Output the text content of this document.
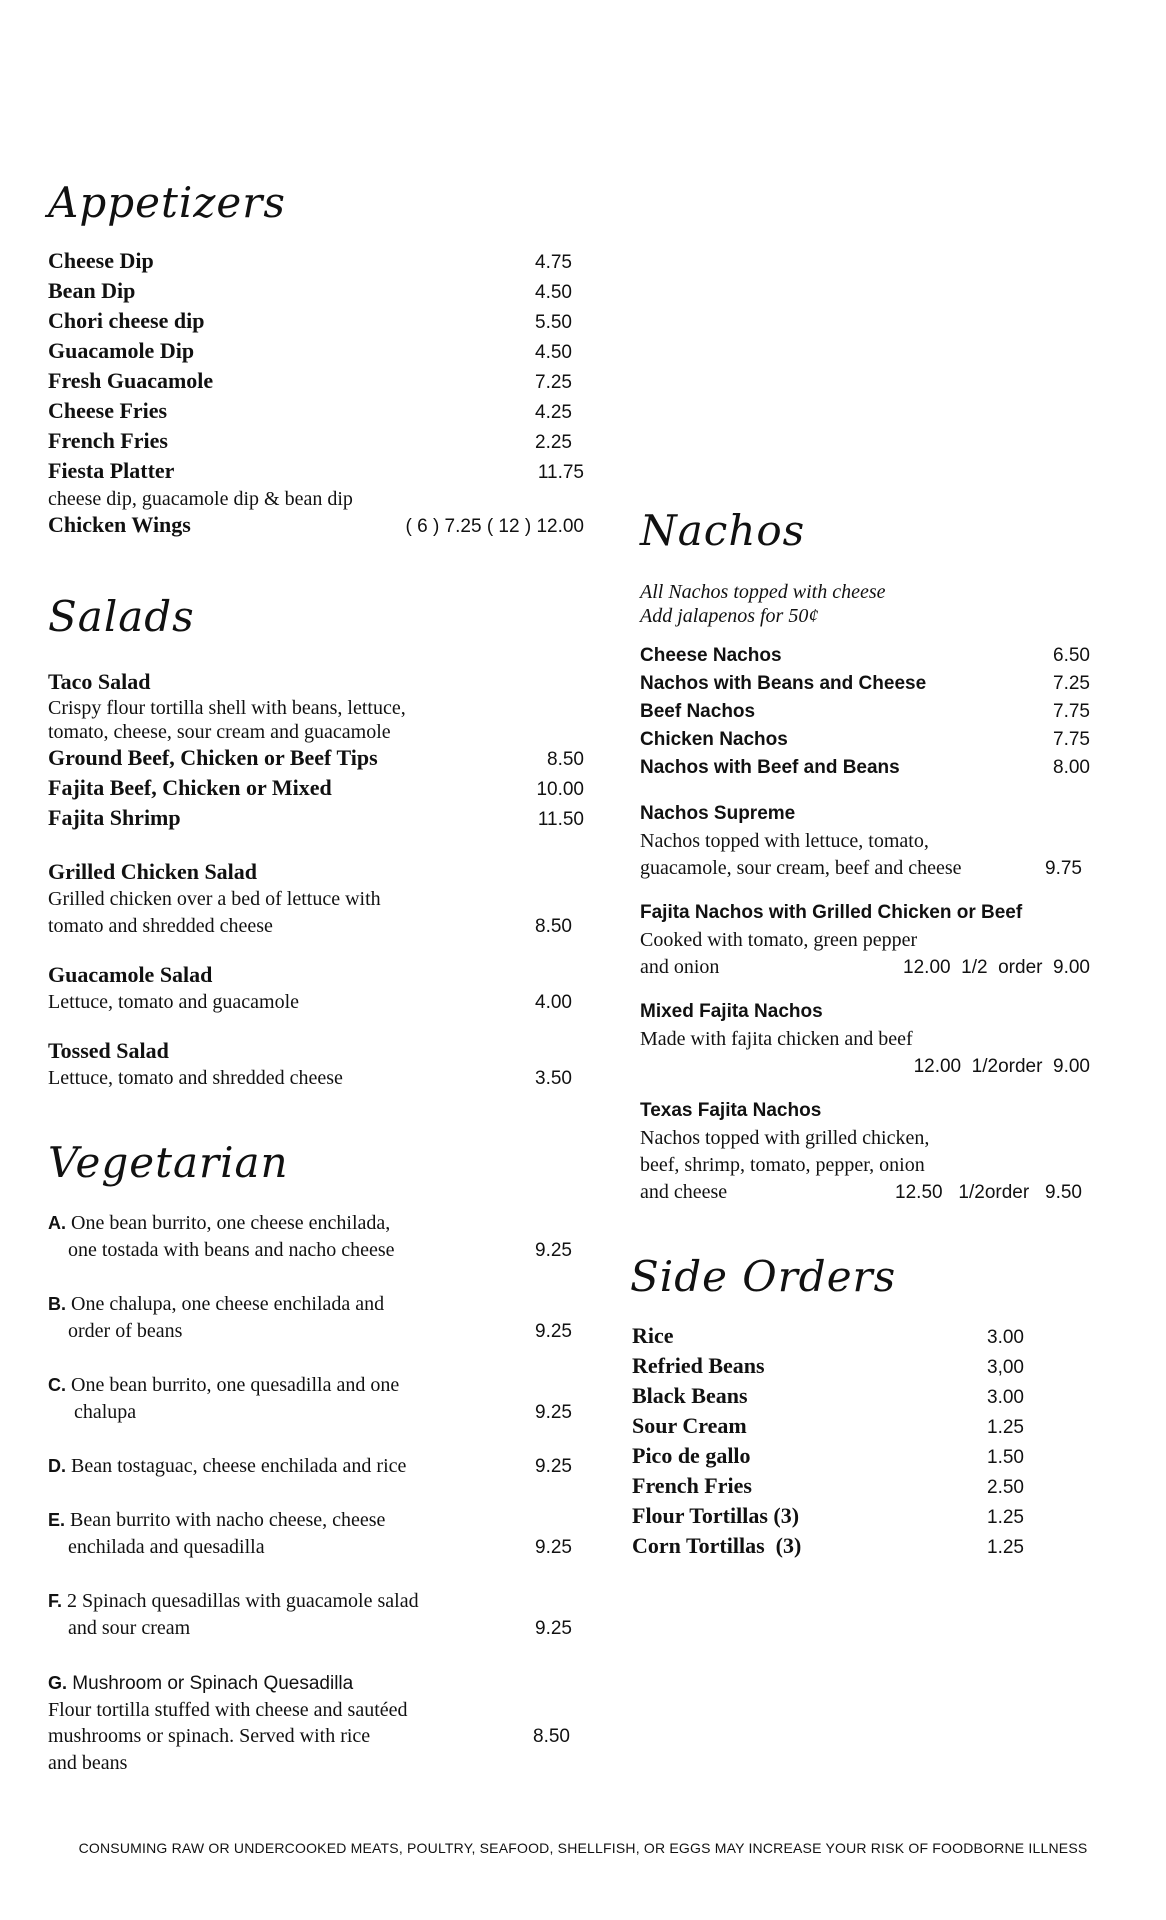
Appetizers
Cheese Dip	4.75
Bean Dip	4.50
Chori cheese dip	5.50
Guacamole Dip	4.50
Fresh Guacamole	7.25
Cheese Fries	4.25
French Fries	2.25
Fiesta Platter	11.75
cheese dip, guacamole dip & bean dip
Chicken Wings	( 6 ) 7.25 ( 12 ) 12.00
Salads
Taco Salad
Crispy flour tortilla shell with beans, lettuce,
tomato, cheese, sour cream and guacamole
Ground Beef, Chicken or Beef Tips	8.50
Fajita Beef, Chicken or Mixed	10.00
Fajita Shrimp	11.50
Grilled Chicken Salad
Grilled chicken over a bed of lettuce with
tomato and shredded cheese	8.50
Guacamole Salad
Lettuce, tomato and guacamole	4.00
Tossed Salad
Lettuce, tomato and shredded cheese	3.50
Vegetarian
A. One bean burrito, one cheese enchilada,
one tostada with beans and nacho cheese	9.25
B. One chalupa, one cheese enchilada and
order of beans	9.25
C. One bean burrito, one quesadilla and one
chalupa	9.25
D. Bean tostaguac, cheese enchilada and rice	9.25
E. Bean burrito with nacho cheese, cheese
enchilada and quesadilla	9.25
F. 2 Spinach quesadillas with guacamole salad
and sour cream	9.25
G. Mushroom or Spinach Quesadilla
Flour tortilla stuffed with cheese and sautéed
mushrooms or spinach. Served with rice	8.50
and beans
Nachos
All Nachos topped with cheese
Add jalapenos for 50¢
Cheese Nachos	6.50
Nachos with Beans and Cheese	7.25
Beef Nachos	7.75
Chicken Nachos	7.75
Nachos with Beef and Beans	8.00
Nachos Supreme
Nachos topped with lettuce, tomato,
guacamole, sour cream, beef and cheese	9.75
Fajita Nachos with Grilled Chicken or Beef
Cooked with tomato, green pepper
and onion	12.00  1/2  order  9.00
Mixed Fajita Nachos
Made with fajita chicken and beef
12.00  1/2order  9.00
Texas Fajita Nachos
Nachos topped with grilled chicken,
beef, shrimp, tomato, pepper, onion
and cheese	12.50   1/2order   9.50
Side Orders
Rice	3.00
Refried Beans	3,00
Black Beans	3.00
Sour Cream	1.25
Pico de gallo	1.50
French Fries	2.50
Flour Tortillas (3)	1.25
Corn Tortillas  (3)	1.25
CONSUMING RAW OR UNDERCOOKED MEATS, POULTRY, SEAFOOD, SHELLFISH, OR EGGS MAY INCREASE YOUR RISK OF FOODBORNE ILLNESS
